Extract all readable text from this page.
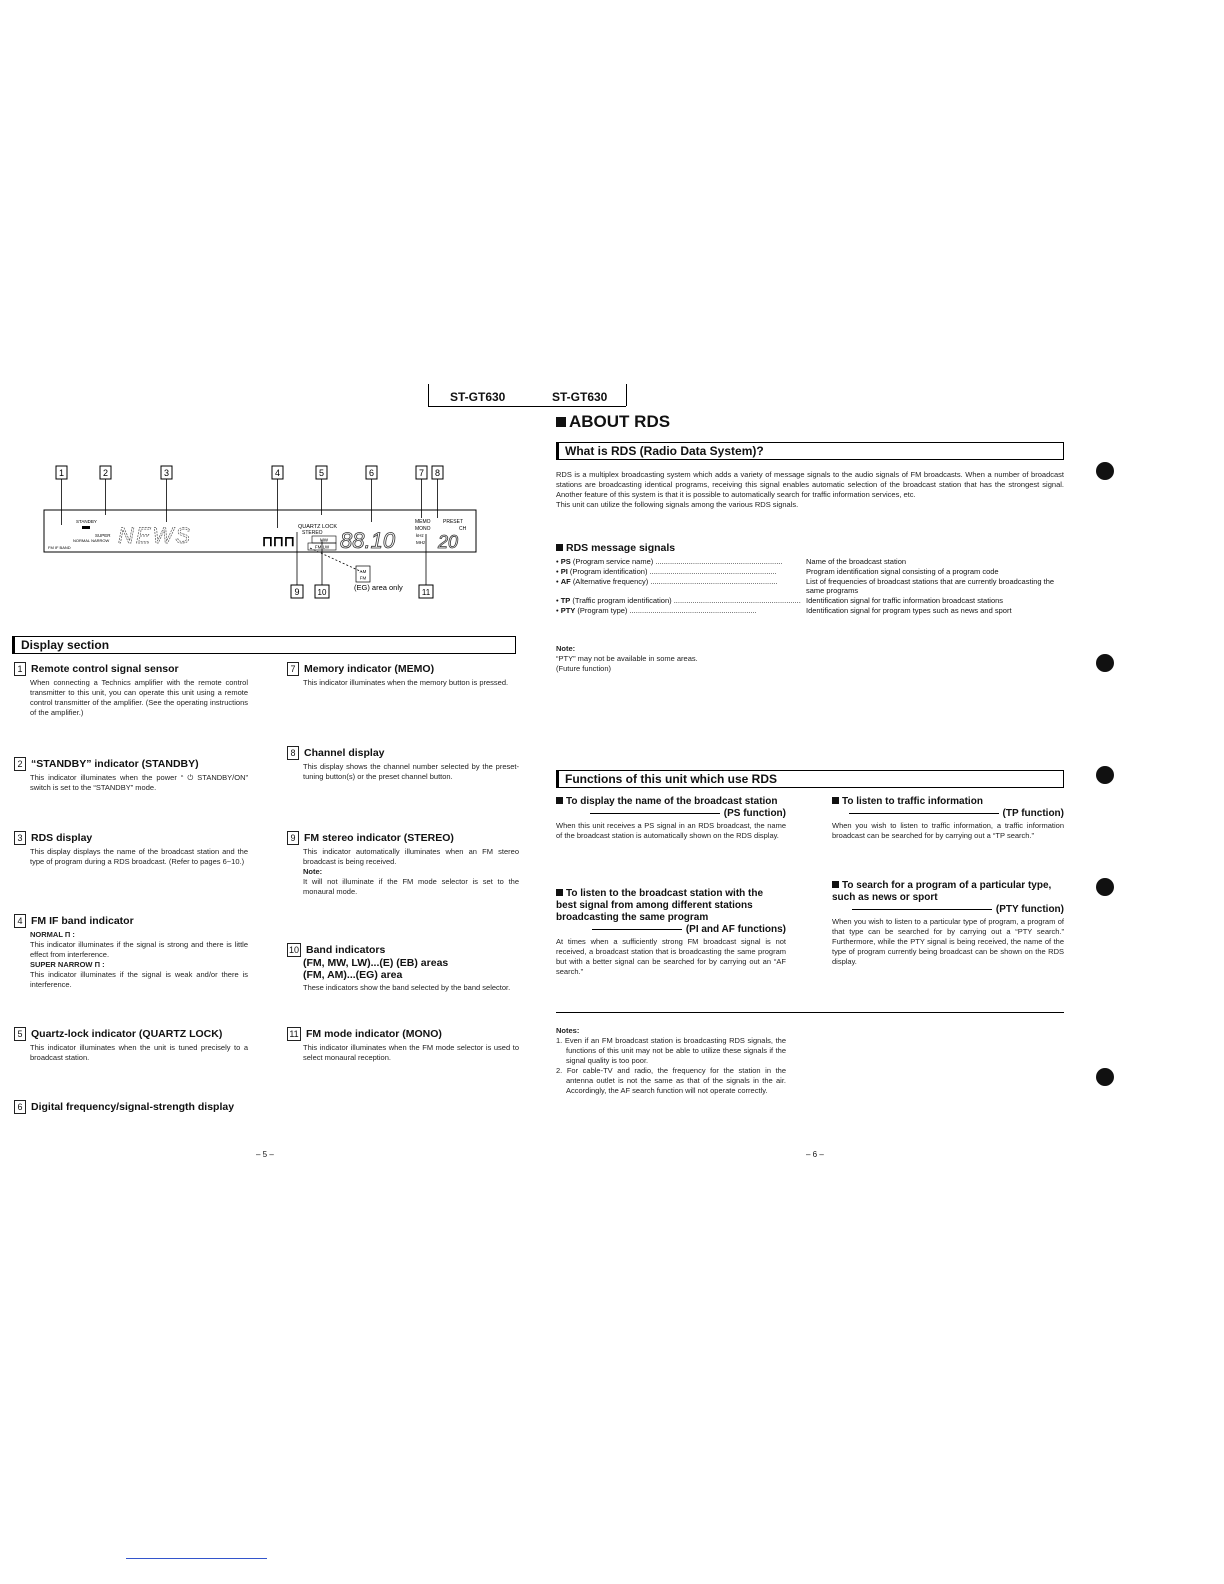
ST-GT630	ST-GT630
1	2	3	4	5	6	7 8
STANDBY
SUPER
NORMAL NARROW
FM IF BAND NEWS	⊓⊓⊓
QUARTZ LOCK
STEREO
MW
FM LW 88.10
MEMO
MONO
kHz
MHz
PRESET
CH
20
AM
FM
(EG) area only
9 10	11
Display section
1 Remote control signal sensor
When connecting a Technics amplifier with the remote control transmitter to this unit, you can operate this unit using a remote control transmitter of the amplifier. (See the operating instructions of the amplifier.)
2 “STANDBY” indicator (STANDBY)
This indicator illuminates when the power “ ⏻ STANDBY/ON” switch is set to the “STANDBY” mode.
3 RDS display
This display displays the name of the broadcast station and the type of program during a RDS broadcast. (Refer to pages 6~10.)
4 FM IF band indicator
NORMAL Π :
This indicator illuminates if the signal is strong and there is little effect from interference.
SUPER NARROW Π :
This indicator illuminates if the signal is weak and/or there is interference.
5 Quartz-lock indicator (QUARTZ LOCK)
This indicator illuminates when the unit is tuned precisely to a broadcast station.
6 Digital frequency/signal-strength display
7 Memory indicator (MEMO)
This indicator illuminates when the memory button is pressed.
8 Channel display
This display shows the channel number selected by the preset-tuning button(s) or the preset channel button.
9 FM stereo indicator (STEREO)
This indicator automatically illuminates when an FM stereo broadcast is being received.
Note:
It will not illuminate if the FM mode selector is set to the monaural mode.
10 Band indicators
(FM, MW, LW)...(E) (EB) areas
(FM, AM)...(EG) area
These indicators show the band selected by the band selector.
11 FM mode indicator (MONO)
This indicator illuminates when the FM mode selector is used to select monaural reception.
– 5 –
ABOUT RDS
What is RDS (Radio Data System)?
RDS is a multiplex broadcasting system which adds a variety of message signals to the audio signals of FM broadcasts. When a number of broadcast stations are broadcasting identical programs, receiving this signal enables automatic selection of the broadcast station that has the strongest signal. Another feature of this system is that it is possible to automatically search for traffic information services, etc.
This unit can utilize the following signals among the various RDS signals.
RDS message signals
• PS (Program service name) .............................................................	Name of the broadcast station
• PI (Program identification) .............................................................	Program identification signal consisting of a program code
• AF (Alternative frequency) .............................................................	List of frequencies of broadcast stations that are currently broadcasting the same programs
• TP (Traffic program identification) ............................................................. Identification signal for traffic information broadcast stations
• PTY (Program type) .............................................................	Identification signal for program types such as news and sport
Note:
“PTY” may not be available in some areas.
(Future function)
Functions of this unit which use RDS
To display the name of the broadcast station
(PS function)
When this unit receives a PS signal in an RDS broadcast, the name of the broadcast station is automatically shown on the RDS display.
To listen to traffic information
(TP function)
When you wish to listen to traffic information, a traffic information broadcast can be searched for by carrying out a “TP search.”
To listen to the broadcast station with the best signal from among different stations broadcasting the same program
(PI and AF functions)
At times when a sufficiently strong FM broadcast signal is not received, a broadcast station that is broadcasting the same program but with a better signal can be searched for by carrying out an “AF search.”
To search for a program of a particular type, such as news or sport
(PTY function)
When you wish to listen to a particular type of program, a program of that type can be searched for by carrying out a “PTY search.” Furthermore, while the PTY signal is being received, the name of the type of program currently being broadcast can be shown on the RDS display.
Notes:
1. Even if an FM broadcast station is broadcasting RDS signals, the functions of this unit may not be able to utilize these signals if the signal quality is too poor.
2. For cable-TV and radio, the frequency for the station in the antenna outlet is not the same as that of the signals in the air. Accordingly, the AF search function will not operate correctly.
– 6 –
